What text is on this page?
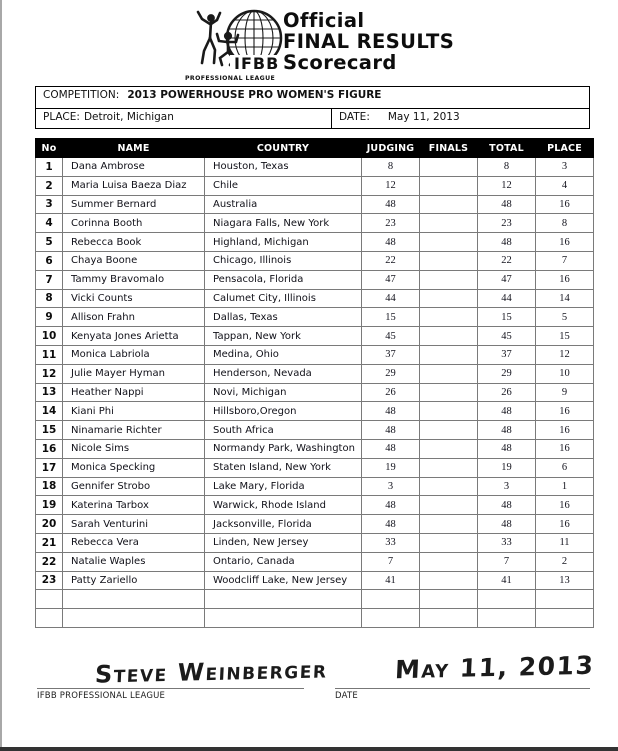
IFBB
PROFESSIONAL LEAGUE
Official
FINAL RESULTS
Scorecard
COMPETITION: 2013 POWERHOUSE PRO WOMEN'S FIGURE
PLACE: Detroit, Michigan	DATE: May 11, 2013
No	NAME	COUNTRY	JUDGING	FINALS	TOTAL	PLACE
1	Dana Ambrose	Houston, Texas	8		8	3
2	Maria Luisa Baeza Diaz	Chile	12		12	4
3	Summer Bernard	Australia	48		48	16
4	Corinna Booth	Niagara Falls, New York	23		23	8
5	Rebecca Book	Highland, Michigan	48		48	16
6	Chaya Boone	Chicago, Illinois	22		22	7
7	Tammy Bravomalo	Pensacola, Florida	47		47	16
8	Vicki Counts	Calumet City, Illinois	44		44	14
9	Allison Frahn	Dallas, Texas	15		15	5
10	Kenyata Jones Arietta	Tappan, New York	45		45	15
11	Monica Labriola	Medina, Ohio	37		37	12
12	Julie Mayer Hyman	Henderson, Nevada	29		29	10
13	Heather Nappi	Novi, Michigan	26		26	9
14	Kiani Phi	Hillsboro,Oregon	48		48	16
15	Ninamarie Richter	South Africa	48		48	16
16	Nicole Sims	Normandy Park, Washington	48		48	16
17	Monica Specking	Staten Island, New York	19		19	6
18	Gennifer Strobo	Lake Mary, Florida	3		3	1
19	Katerina Tarbox	Warwick, Rhode Island	48		48	16
20	Sarah Venturini	Jacksonville, Florida	48		48	16
21	Rebecca Vera	Linden, New Jersey	33		33	11
22	Natalie Waples	Ontario, Canada	7		7	2
23	Patty Zariello	Woodcliff Lake, New Jersey	41		41	13

Steve Weinberger	May 11, 2013
IFBB PROFESSIONAL LEAGUE	DATE
